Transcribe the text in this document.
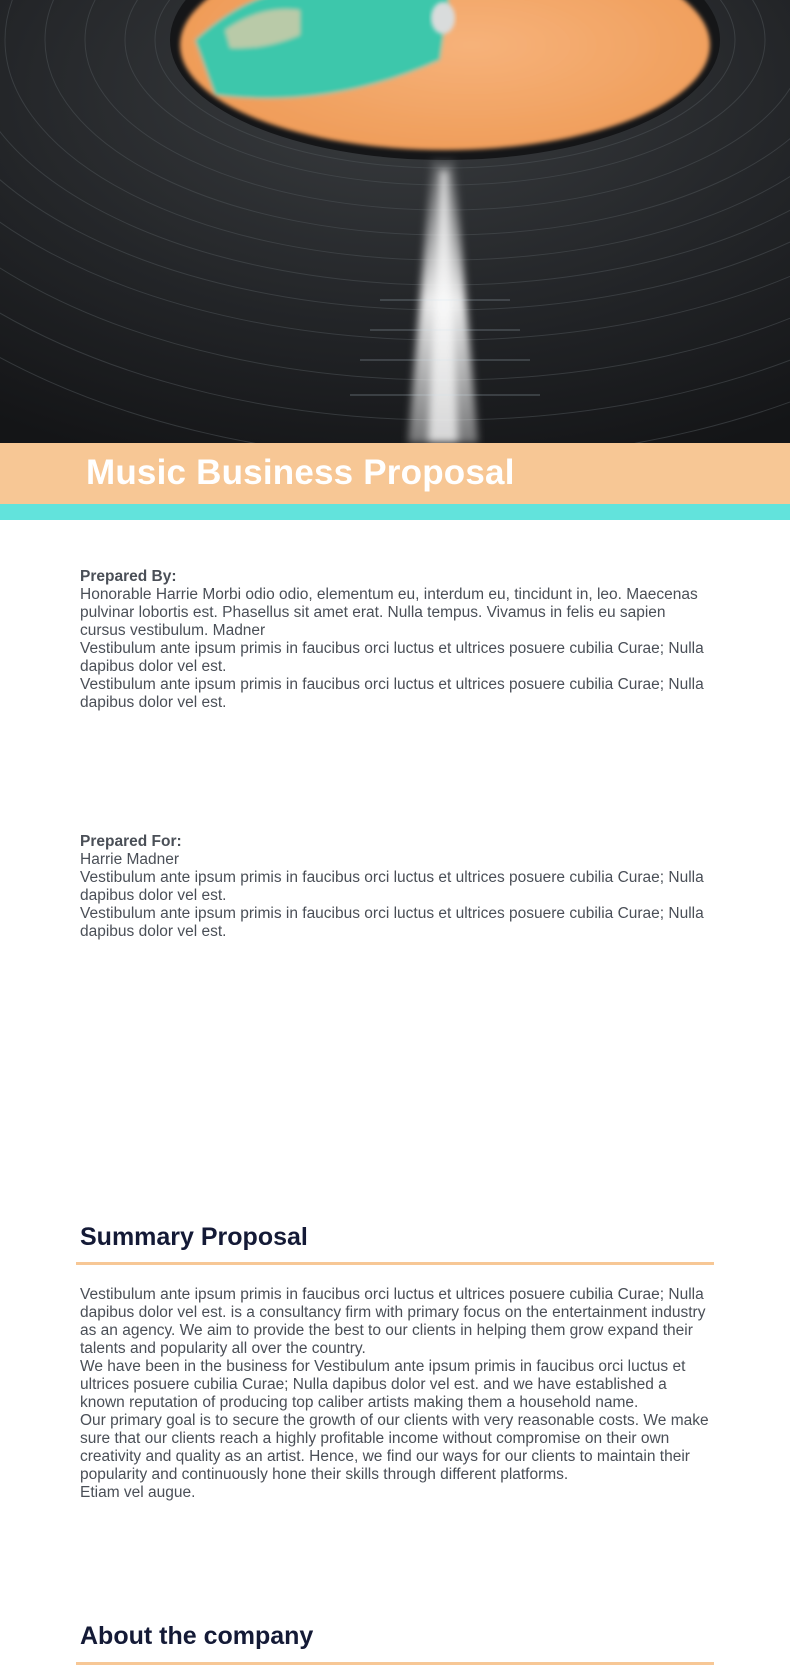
Music Business Proposal
Prepared By:

Honorable Harrie Morbi odio odio, elementum eu, interdum eu, tincidunt in, leo. Maecenas pulvinar lobortis est. Phasellus sit amet erat. Nulla tempus. Vivamus in felis eu sapien cursus vestibulum. Madner

Vestibulum ante ipsum primis in faucibus orci luctus et ultrices posuere cubilia Curae; Nulla dapibus dolor vel est.

Vestibulum ante ipsum primis in faucibus orci luctus et ultrices posuere cubilia Curae; Nulla dapibus dolor vel est.

Prepared For:

Harrie Madner

Vestibulum ante ipsum primis in faucibus orci luctus et ultrices posuere cubilia Curae; Nulla dapibus dolor vel est.

Vestibulum ante ipsum primis in faucibus orci luctus et ultrices posuere cubilia Curae; Nulla dapibus dolor vel est.

Summary Proposal

Vestibulum ante ipsum primis in faucibus orci luctus et ultrices posuere cubilia Curae; Nulla dapibus dolor vel est. is a consultancy firm with primary focus on the entertainment industry as an agency. We aim to provide the best to our clients in helping them grow expand their talents and popularity all over the country.

We have been in the business for Vestibulum ante ipsum primis in faucibus orci luctus et ultrices posuere cubilia Curae; Nulla dapibus dolor vel est. and we have established a known reputation of producing top caliber artists making them a household name.

Our primary goal is to secure the growth of our clients with very reasonable costs. We make sure that our clients reach a highly profitable income without compromise on their own creativity and quality as an artist. Hence, we find our ways for our clients to maintain their popularity and continuously hone their skills through different platforms.

Etiam vel augue.

About the company
